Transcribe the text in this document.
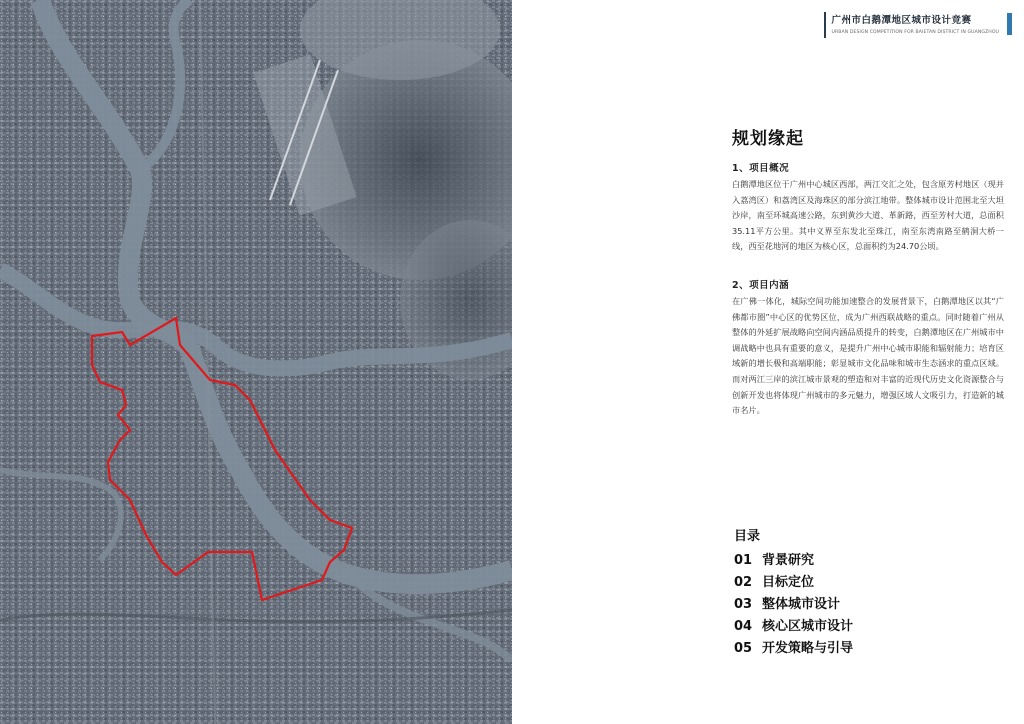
广州市白鹅潭地区城市设计竞赛
URBAN DESIGN COMPETITION FOR BAIETAN DISTRICT IN GUANGZHOU
规划缘起
1、项目概况
白鹅潭地区位于广州中心城区西部，两江交汇之处，包含原芳村地区（现并入荔湾区）和荔湾区及海珠区的部分滨江地带。整体城市设计范围北至大坦沙岸，南至环城高速公路，东到黄沙大道、革新路，西至芳村大道，总面积35.11平方公里。其中义界至东发北至珠江，南至东湾南路至鹤洞大桥一线，西至花地河的地区为核心区，总面积约为24.70公顷。
2、项目内涵
在广佛一体化，城际空间功能加速整合的发展背景下，白鹅潭地区以其“广佛都市圈”中心区的优势区位，成为广州西联战略的重点。同时随着广州从整体的外延扩展战略向空间内涵品质提升的转变，白鹅潭地区在广州城市中调战略中也具有重要的意义，是提升广州中心城市职能和辐射能力；培育区域新的增长极和高端职能；彰显城市文化品味和城市生态涵求的重点区域。而对两江三岸的滨江城市景观的塑造和对丰富的近现代历史文化资源整合与创新开发也将体现广州城市的多元魅力，增强区域人文吸引力，打造新的城市名片。
目录
01 背景研究
02 目标定位
03 整体城市设计
04 核心区城市设计
05 开发策略与引导
